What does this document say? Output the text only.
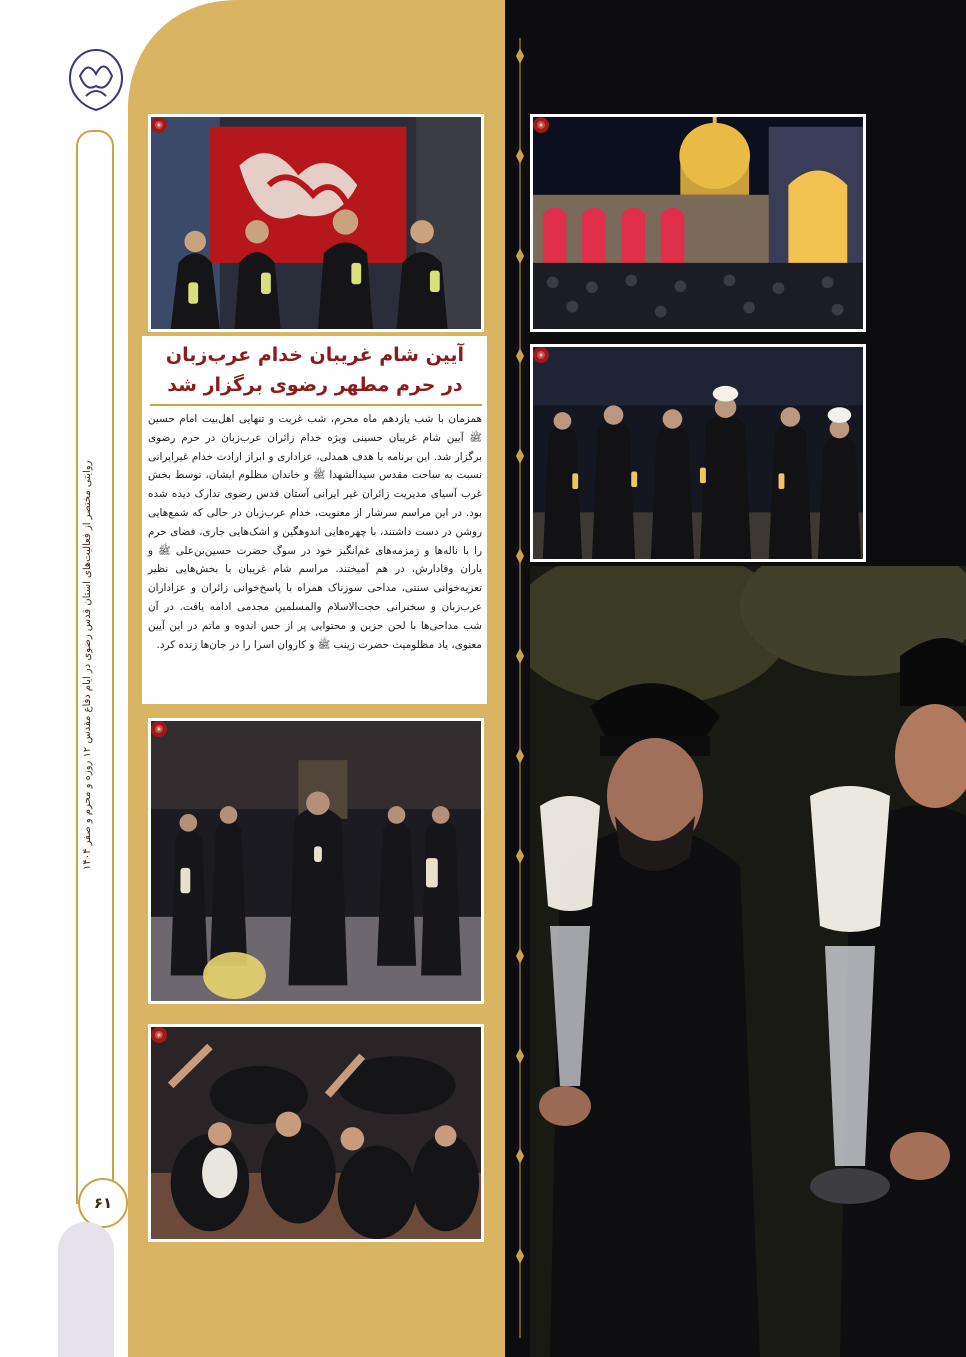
روایتی مختصر از فعالیت‌های آستان قدس رضوی در ایام دفاع مقدس ۱۲ روزه و محرم و صفر ۱۴۰۴
۶۱
آیین شام غریبان خدام عرب‌زبان
در حرم مطهر رضوی برگزار شد
همزمان با شب یازدهم ماه محرم، شب غربت و تنهایی اهل‌بیت امام حسین ﷺ آیین شام غریبان حسینی ویژه خدام زائران عرب‌زبان در حرم رضوی برگزار شد. این برنامه با هدف همدلی، عزاداری و ابراز ارادت خدام غیرایرانی نسبت به ساحت مقدس سیدالشهدا ﷺ و خاندان مظلوم ایشان، توسط بخش غرب آسیای مدیریت زائران غیر ایرانی آستان قدس رضوی تدارک دیده شده بود. در این مراسم سرشار از معنویت، خدام عرب‌زبان در حالی که شمع‌هایی روشن در دست داشتند، با چهره‌هایی اندوهگین و اشک‌هایی جاری، فضای حرم را با ناله‌ها و زمزمه‌های غم‌انگیز خود در سوگ حضرت حسین‌بن‌علی ﷺ و یاران وفادارش، در هم آمیختند. مراسم شام غریبان با بخش‌هایی نظیر تعزیه‌خوانی سنتی، مداحی سوزناک همراه با پاسخ‌خوانی زائران و عزاداران عرب‌زبان و سخنرانی حجت‌الاسلام والمسلمین مجدمی ادامه یافت. در آن شب مداحی‌ها با لحن حزین و محتوایی پر از حس اندوه و ماتم در این آیین معنوی، یاد مظلومیت حضرت زینب ﷺ و کاروان اسرا را در جان‌ها زنده کرد.
